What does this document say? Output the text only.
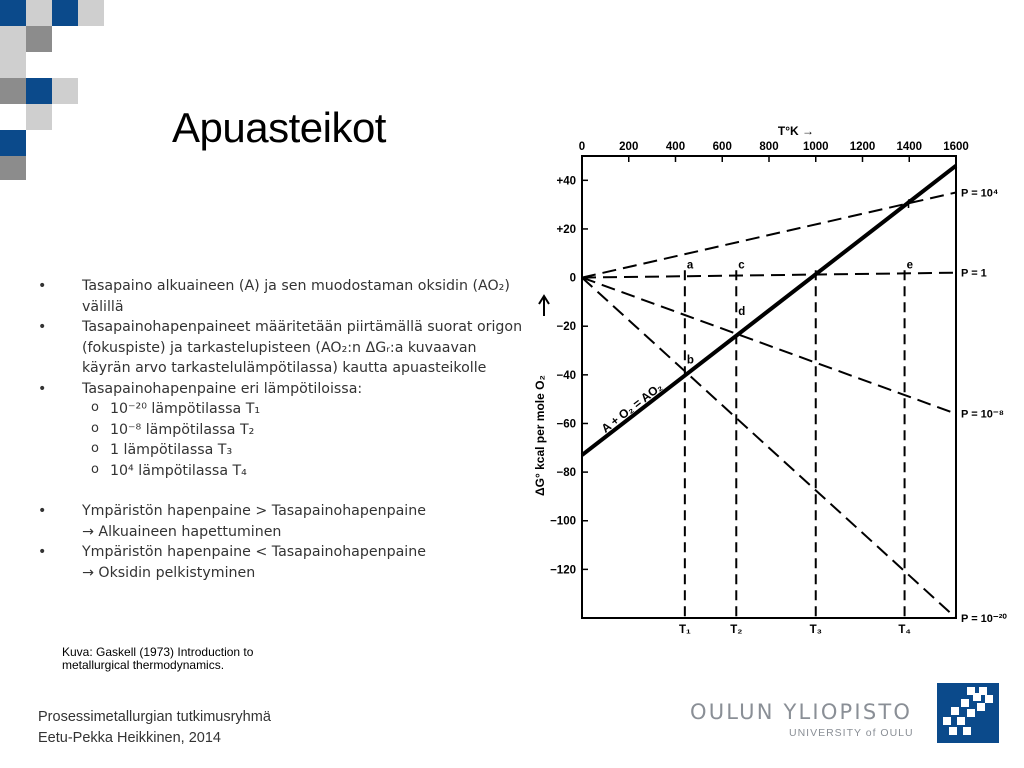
Apuasteikot
•	Tasapaino alkuaineen (A) ja sen muodostaman oksidin (AO₂) välillä
•	Tasapainohapenpaineet määritetään piirtämällä suorat origon (fokuspiste) ja tarkastelupisteen (AO₂:n ΔGᵣ:a kuvaavan käyrän arvo tarkastelulämpötilassa) kautta apuasteikolle
•	Tasapainohapenpaine eri lämpötiloissa:
o 10⁻²⁰ lämpötilassa T₁
o 10⁻⁸ lämpötilassa T₂
o 1 lämpötilassa T₃
o 10⁴ lämpötilassa T₄
•	Ympäristön hapenpaine > Tasapainohapenpaine
→ Alkuaineen hapettuminen
•	Ympäristön hapenpaine < Tasapainohapenpaine
→ Oksidin pelkistyminen
Kuva: Gaskell (1973) Introduction to metallurgical thermodynamics.
Prosessimetallurgian tutkimusryhmä
Eetu-Pekka Heikkinen, 2014
OULUN YLIOPISTO
UNIVERSITY of OULU
T°K →
ΔG° kcal per mole O₂
0	200 400 600 800 1000 1200 1400 1600
+40
+20
0
−20
−40
−60
−80
−100
−120
P = 10⁴
P = 1
P = 10⁻⁸
P = 10⁻²⁰
A + O₂ = AO₂
T₁	T₂	T₃	T₄
a
b
c
d
e
f
